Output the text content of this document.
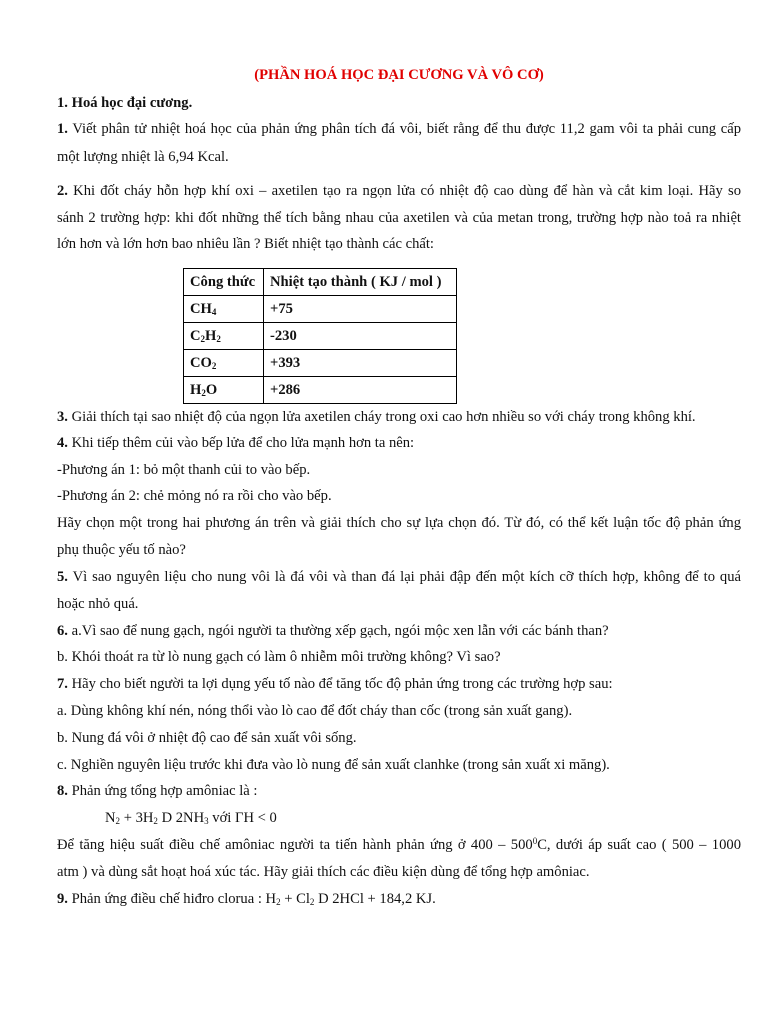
(PHẦN HOÁ HỌC ĐẠI CƯƠNG VÀ VÔ CƠ)
1. Hoá học đại cương.
1. Viết phân tử nhiệt hoá học của phản ứng phân tích đá vôi, biết rằng để thu được 11,2 gam vôi ta phải cung cấp
một lượng nhiệt là 6,94 Kcal.
2. Khi đốt cháy hỗn hợp khí oxi – axetilen tạo ra ngọn lửa có nhiệt độ cao dùng để hàn và cắt kim loại. Hãy so
sánh 2 trường hợp: khi đốt những thể tích bằng nhau của axetilen và của metan trong, trường hợp nào toả ra nhiệt
lớn hơn và lớn hơn bao nhiêu lần ? Biết nhiệt tạo thành các chất:
Công thức	Nhiệt tạo thành ( KJ / mol )
$CH_4$	+75
$C_2H_2$	-230
$CO_2$	+393
$H_2O$	+286
3. Giải thích tại sao nhiệt độ của ngọn lửa axetilen cháy trong oxi cao hơn nhiều so với cháy trong không khí.
4. Khi tiếp thêm củi vào bếp lửa để cho lửa mạnh hơn ta nên:
-Phương án 1: bỏ một thanh củi to vào bếp.
-Phương án 2: chẻ mỏng nó ra rồi cho vào bếp.
Hãy chọn một trong hai phương án trên và giải thích cho sự lựa chọn đó. Từ đó, có thể kết luận tốc độ phản ứng
phụ thuộc yếu tố nào?
5. Vì sao nguyên liệu cho nung vôi là đá vôi và than đá lại phải đập đến một kích cỡ thích hợp, không để to quá
hoặc nhỏ quá.
6. a.Vì sao để nung gạch, ngói người ta thường xếp gạch, ngói mộc xen lẫn với các bánh than?
b. Khói thoát ra từ lò nung gạch có làm ô nhiễm môi trường không? Vì sao?
7. Hãy cho biết người ta lợi dụng yếu tố nào để tăng tốc độ phản ứng trong các trường hợp sau:
a. Dùng không khí nén, nóng thổi vào lò cao để đốt cháy than cốc (trong sản xuất gang).
b. Nung đá vôi ở nhiệt độ cao để sản xuất vôi sống.
c. Nghiền nguyên liệu trước khi đưa vào lò nung để sản xuất clanhke (trong sản xuất xi măng).
8. Phản ứng tổng hợp amôniac là :
$N_2 + 3H_2$ D $2NH_3$ với ΓH < 0
Để tăng hiệu suất điều chế amôniac người ta tiến hành phản ứng ở $400 - 500^0C$, dưới áp suất cao ( 500 – 1000
atm ) và dùng sắt hoạt hoá xúc tác. Hãy giải thích các điều kiện dùng để tổng hợp amôniac.
9. Phản ứng điều chế hiđro clorua : $H_2 + Cl_2$ D 2HCl + 184,2 KJ.
